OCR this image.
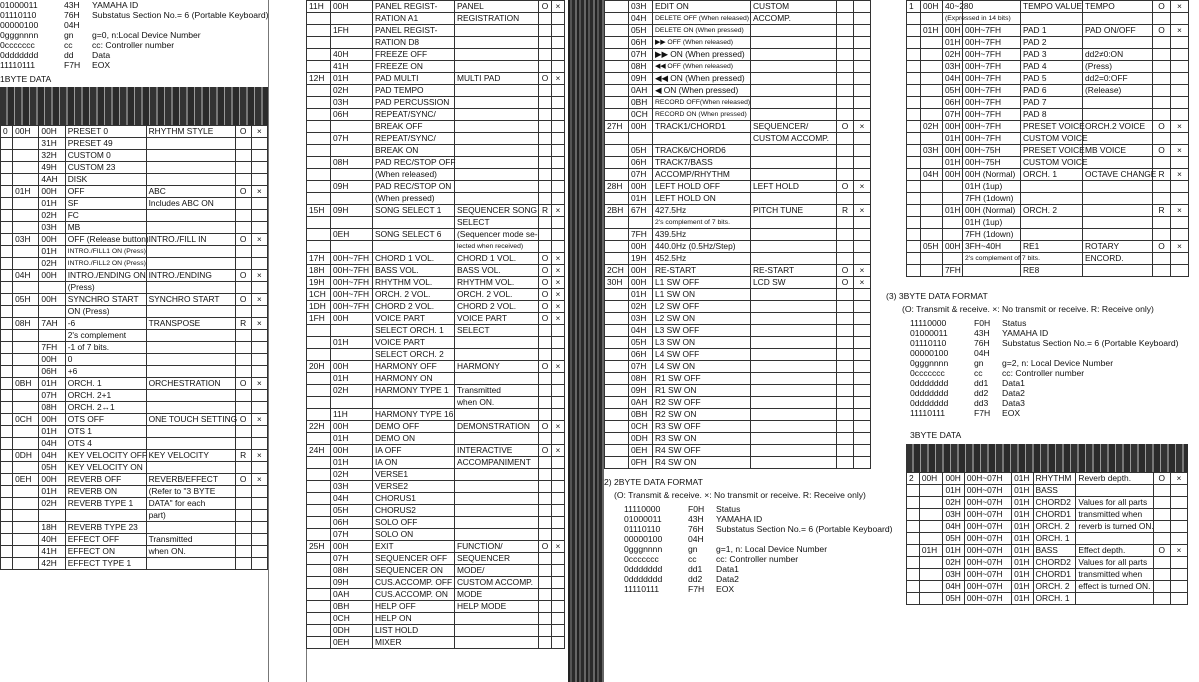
01000011	43H YAMAHA ID
01110110	76H Substatus Section No.= 6 (Portable Keyboard)
00000100	04H
0gggnnnn	gn g=0, n:Local Device Number
0ccccccc	cc cc: Controller number
0ddddddd	dd Data
11110111	F7H EOX
1BYTE DATA
0	00H	00H	PRESET 0	RHYTHM STYLE	O	×
		31H	PRESET 49			
		32H	CUSTOM 0			
		49H	CUSTOM 23			
		4AH	DISK			
	01H	00H	OFF	ABC	O	×
		01H	SF	Includes ABC ON		
		02H	FC			
		03H	MB			
	03H	00H	OFF (Release button)	INTRO./FILL IN	O	×
		01H	INTRO./FILL1 ON (Press)			
		02H	INTRO./FILL2 ON (Press)			
	04H	00H	INTRO./ENDING ON	INTRO./ENDING	O	×
			(Press)			
	05H	00H	SYNCHRO START	SYNCHRO START	O	×
			ON (Press)			
	08H	7AH	-6	TRANSPOSE	R	×
			2's complement			
		7FH	-1 of 7 bits.			
		00H	0			
		06H	+6			
	0BH	01H	ORCH. 1	ORCHESTRATION	O	×
		07H	ORCH. 2+1			
		08H	ORCH. 2↔1			
	0CH	00H	OTS OFF	ONE TOUCH SETTING	O	×
		01H	OTS 1			
		04H	OTS 4			
	0DH	04H	KEY VELOCITY OFF	KEY VELOCITY	R	×
		05H	KEY VELOCITY ON			
	0EH	00H	REVERB OFF	REVERB/EFFECT	O	×
		01H	REVERB ON	(Refer to "3 BYTE		
		02H	REVERB TYPE 1	DATA" for each		
				part)		
		18H	REVERB TYPE 23			
		40H	EFFECT OFF	Transmitted		
		41H	EFFECT ON	when ON.		
		42H	EFFECT TYPE 1			
11H	00H	PANEL REGIST-	PANEL	O	×
		RATION A1	REGISTRATION		
	1FH	PANEL REGIST-			
		RATION D8			
	40H	FREEZE OFF			
	41H	FREEZE ON			
12H	01H	PAD MULTI	MULTI PAD	O	×
	02H	PAD TEMPO			
	03H	PAD PERCUSSION			
	06H	REPEAT/SYNC/			
		BREAK OFF			
	07H	REPEAT/SYNC/			
		BREAK ON			
	08H	PAD REC/STOP OFF			
		(When released)			
	09H	PAD REC/STOP ON			
		(When pressed)			
15H	09H	SONG SELECT 1	SEQUENCER SONG	R	×
			SELECT		
	0EH	SONG SELECT 6	(Sequencer mode se-		
			lected when received)		
17H	00H~7FH	CHORD 1 VOL.	CHORD 1 VOL.	O	×
18H	00H~7FH	BASS VOL.	BASS VOL.	O	×
19H	00H~7FH	RHYTHM VOL.	RHYTHM VOL.	O	×
1CH	00H~7FH	ORCH. 2 VOL.	ORCH. 2 VOL.	O	×
1DH	00H~7FH	CHORD 2 VOL.	CHORD 2 VOL.	O	×
1FH	00H	VOICE PART	VOICE PART	O	×
		SELECT ORCH. 1	SELECT		
	01H	VOICE PART			
		SELECT ORCH. 2			
20H	00H	HARMONY OFF	HARMONY	O	×
	01H	HARMONY ON			
	02H	HARMONY TYPE 1	Transmitted		
			when ON.		
	11H	HARMONY TYPE 16			
22H	00H	DEMO OFF	DEMONSTRATION	O	×
	01H	DEMO ON			
24H	00H	IA OFF	INTERACTIVE	O	×
	01H	IA ON	ACCOMPANIMENT		
	02H	VERSE1			
	03H	VERSE2			
	04H	CHORUS1			
	05H	CHORUS2			
	06H	SOLO OFF			
	07H	SOLO ON			
25H	00H	EXIT	FUNCTION/	O	×
	07H	SEQUENCER OFF	SEQUENCER		
	08H	SEQUENCER ON	MODE/		
	09H	CUS.ACCOMP. OFF	CUSTOM ACCOMP.		
	0AH	CUS.ACCOMP. ON	MODE		
	0BH	HELP OFF	HELP MODE		
	0CH	HELP ON			
	0DH	LIST HOLD			
	0EH	MIXER			
	03H	EDIT ON	CUSTOM		
	04H	DELETE OFF (When released)	ACCOMP.		
	05H	DELETE ON (When pressed)			
	06H	▶▶ OFF (When released)			
	07H	▶▶ ON (When pressed)			
	08H	◀◀ OFF (When released)			
	09H	◀◀ ON (When pressed)			
	0AH	◀ ON (When pressed)			
	0BH	RECORD OFF(When released)			
	0CH	RECORD ON (When pressed)			
27H	00H	TRACK1/CHORD1	SEQUENCER/	O	×
			CUSTOM ACCOMP.		
	05H	TRACK6/CHORD6			
	06H	TRACK7/BASS			
	07H	ACCOMP/RHYTHM			
28H	00H	LEFT HOLD OFF	LEFT HOLD	O	×
	01H	LEFT HOLD ON			
2BH	67H	427.5Hz	PITCH TUNE	R	×
		2's complement of 7 bits.			
	7FH	439.5Hz			
	00H	440.0Hz (0.5Hz/Step)			
	19H	452.5Hz			
2CH	00H	RE-START	RE-START	O	×
30H	00H	L1 SW OFF	LCD SW	O	×
	01H	L1 SW ON			
	02H	L2 SW OFF			
	03H	L2 SW ON			
	04H	L3 SW OFF			
	05H	L3 SW ON			
	06H	L4 SW OFF			
	07H	L4 SW ON			
	08H	R1 SW OFF			
	09H	R1 SW ON			
	0AH	R2 SW OFF			
	0BH	R2 SW ON			
	0CH	R3 SW OFF			
	0DH	R3 SW ON			
	0EH	R4 SW OFF			
	0FH	R4 SW ON			
2) 2BYTE DATA FORMAT
(O: Transmit & receive. ×: No transmit or receive. R: Receive only)
11110000	F0H Status
01000011	43H YAMAHA ID
01110110	76H Substatus Section No.= 6 (Portable Keyboard)
00000100	04H
0gggnnnn	gn g=1, n: Local Device Number
0ccccccc	cc cc: Controller number
0ddddddd	dd1 Data1
0ddddddd	dd2 Data2
11110111	F7H EOX
1	00H	40~280		TEMPO VALUE	TEMPO	O	×
		(Expressed in 14 bits)					
	01H	00H	00H~7FH	PAD 1	PAD ON/OFF	O	×
		01H	00H~7FH	PAD 2			
		02H	00H~7FH	PAD 3	dd2≠0:ON		
		03H	00H~7FH	PAD 4	(Press)		
		04H	00H~7FH	PAD 5	dd2=0:OFF		
		05H	00H~7FH	PAD 6	(Release)		
		06H	00H~7FH	PAD 7			
		07H	00H~7FH	PAD 8			
	02H	00H	00H~7FH	PRESET VOICE	ORCH.2 VOICE	O	×
		01H	00H~7FH	CUSTOM VOICE			
	03H	00H	00H~75H	PRESET VOICE	MB VOICE	O	×
		01H	00H~75H	CUSTOM VOICE			
	04H	00H	00H (Normal)	ORCH. 1	OCTAVE CHANGE	R	×
			01H (1up)				
			7FH (1down)				
		01H	00H (Normal)	ORCH. 2		R	×
			01H (1up)				
			7FH (1down)				
	05H	00H	3FH~40H	RE1	ROTARY	O	×
			2's complement of 7 bits.		ENCORD.		
		7FH		RE8			
(3) 3BYTE DATA FORMAT
(O: Transmit & receive. ×: No transmit or receive. R: Receive only)
11110000	F0H Status
01000011	43H YAMAHA ID
01110110	76H Substatus Section No.= 6 (Portable Keyboard)
00000100	04H
0gggnnnn	gn g=2, n: Local Device Number
0ccccccc	cc cc: Controller number
0ddddddd	dd1 Data1
0ddddddd	dd2 Data2
0ddddddd	dd3 Data3
11110111	F7H EOX
3BYTE DATA
2	00H	00H	00H~07H	01H	RHYTHM	Reverb depth.	O	×
		01H	00H~07H	01H	BASS			
		02H	00H~07H	01H	CHORD2	Values for all parts		
		03H	00H~07H	01H	CHORD1	transmitted when		
		04H	00H~07H	01H	ORCH. 2	reverb is turned ON.		
		05H	00H~07H	01H	ORCH. 1			
	01H	01H	00H~07H	01H	BASS	Effect depth.	O	×
		02H	00H~07H	01H	CHORD2	Values for all parts		
		03H	00H~07H	01H	CHORD1	transmitted when		
		04H	00H~07H	01H	ORCH. 2	effect is turned ON.		
		05H	00H~07H	01H	ORCH. 1			
